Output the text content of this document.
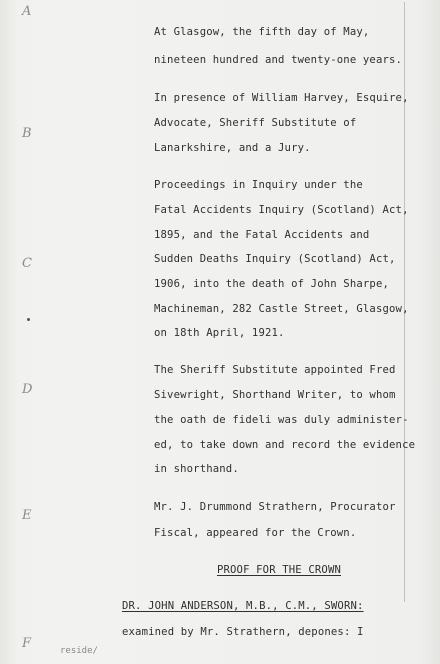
A
B
C
D
E
F
At Glasgow, the fifth day of May,
nineteen hundred and twenty-one years.
In presence of William Harvey, Esquire,
Advocate, Sheriff Substitute of
Lanarkshire, and a Jury.
Proceedings in Inquiry under the
Fatal Accidents Inquiry (Scotland) Act,
1895, and the Fatal Accidents and
Sudden Deaths Inquiry (Scotland) Act,
1906, into the death of John Sharpe,
Machineman, 282 Castle Street, Glasgow,
on 18th April, 1921.
The Sheriff Substitute appointed Fred
Sivewright, Shorthand Writer, to whom
the oath de fideli was duly administer-
ed, to take down and record the evidence
in shorthand.
Mr. J. Drummond Strathern, Procurator
Fiscal, appeared for the Crown.
PROOF FOR THE CROWN
DR. JOHN ANDERSON, M.B., C.M., SWORN:
examined by Mr. Strathern, depones: I
reside/
